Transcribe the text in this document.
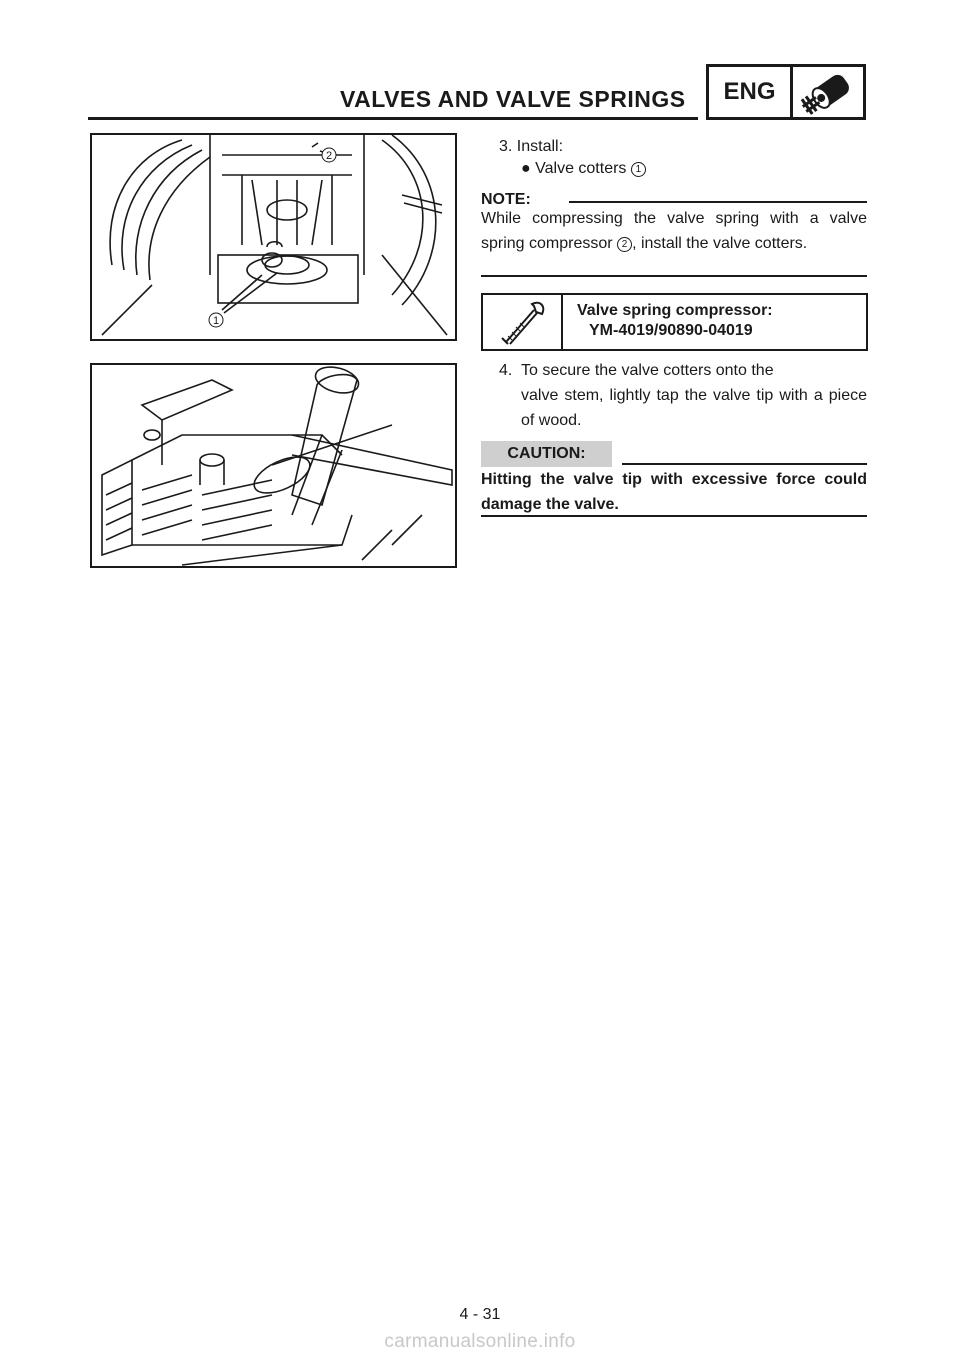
VALVES AND VALVE SPRINGS	ENG
2
1
3. Install:
● Valve cotters 1
NOTE:
While compressing the valve spring with a valve spring compressor 2 , install the valve cotters.
Valve spring compressor:
YM-4019/90890-04019
4. To secure the valve cotters onto the
valve stem, lightly tap the valve tip with a piece of wood.
CAUTION:
Hitting the valve tip with excessive force could damage the valve.
4 - 31
carmanualsonline.info
